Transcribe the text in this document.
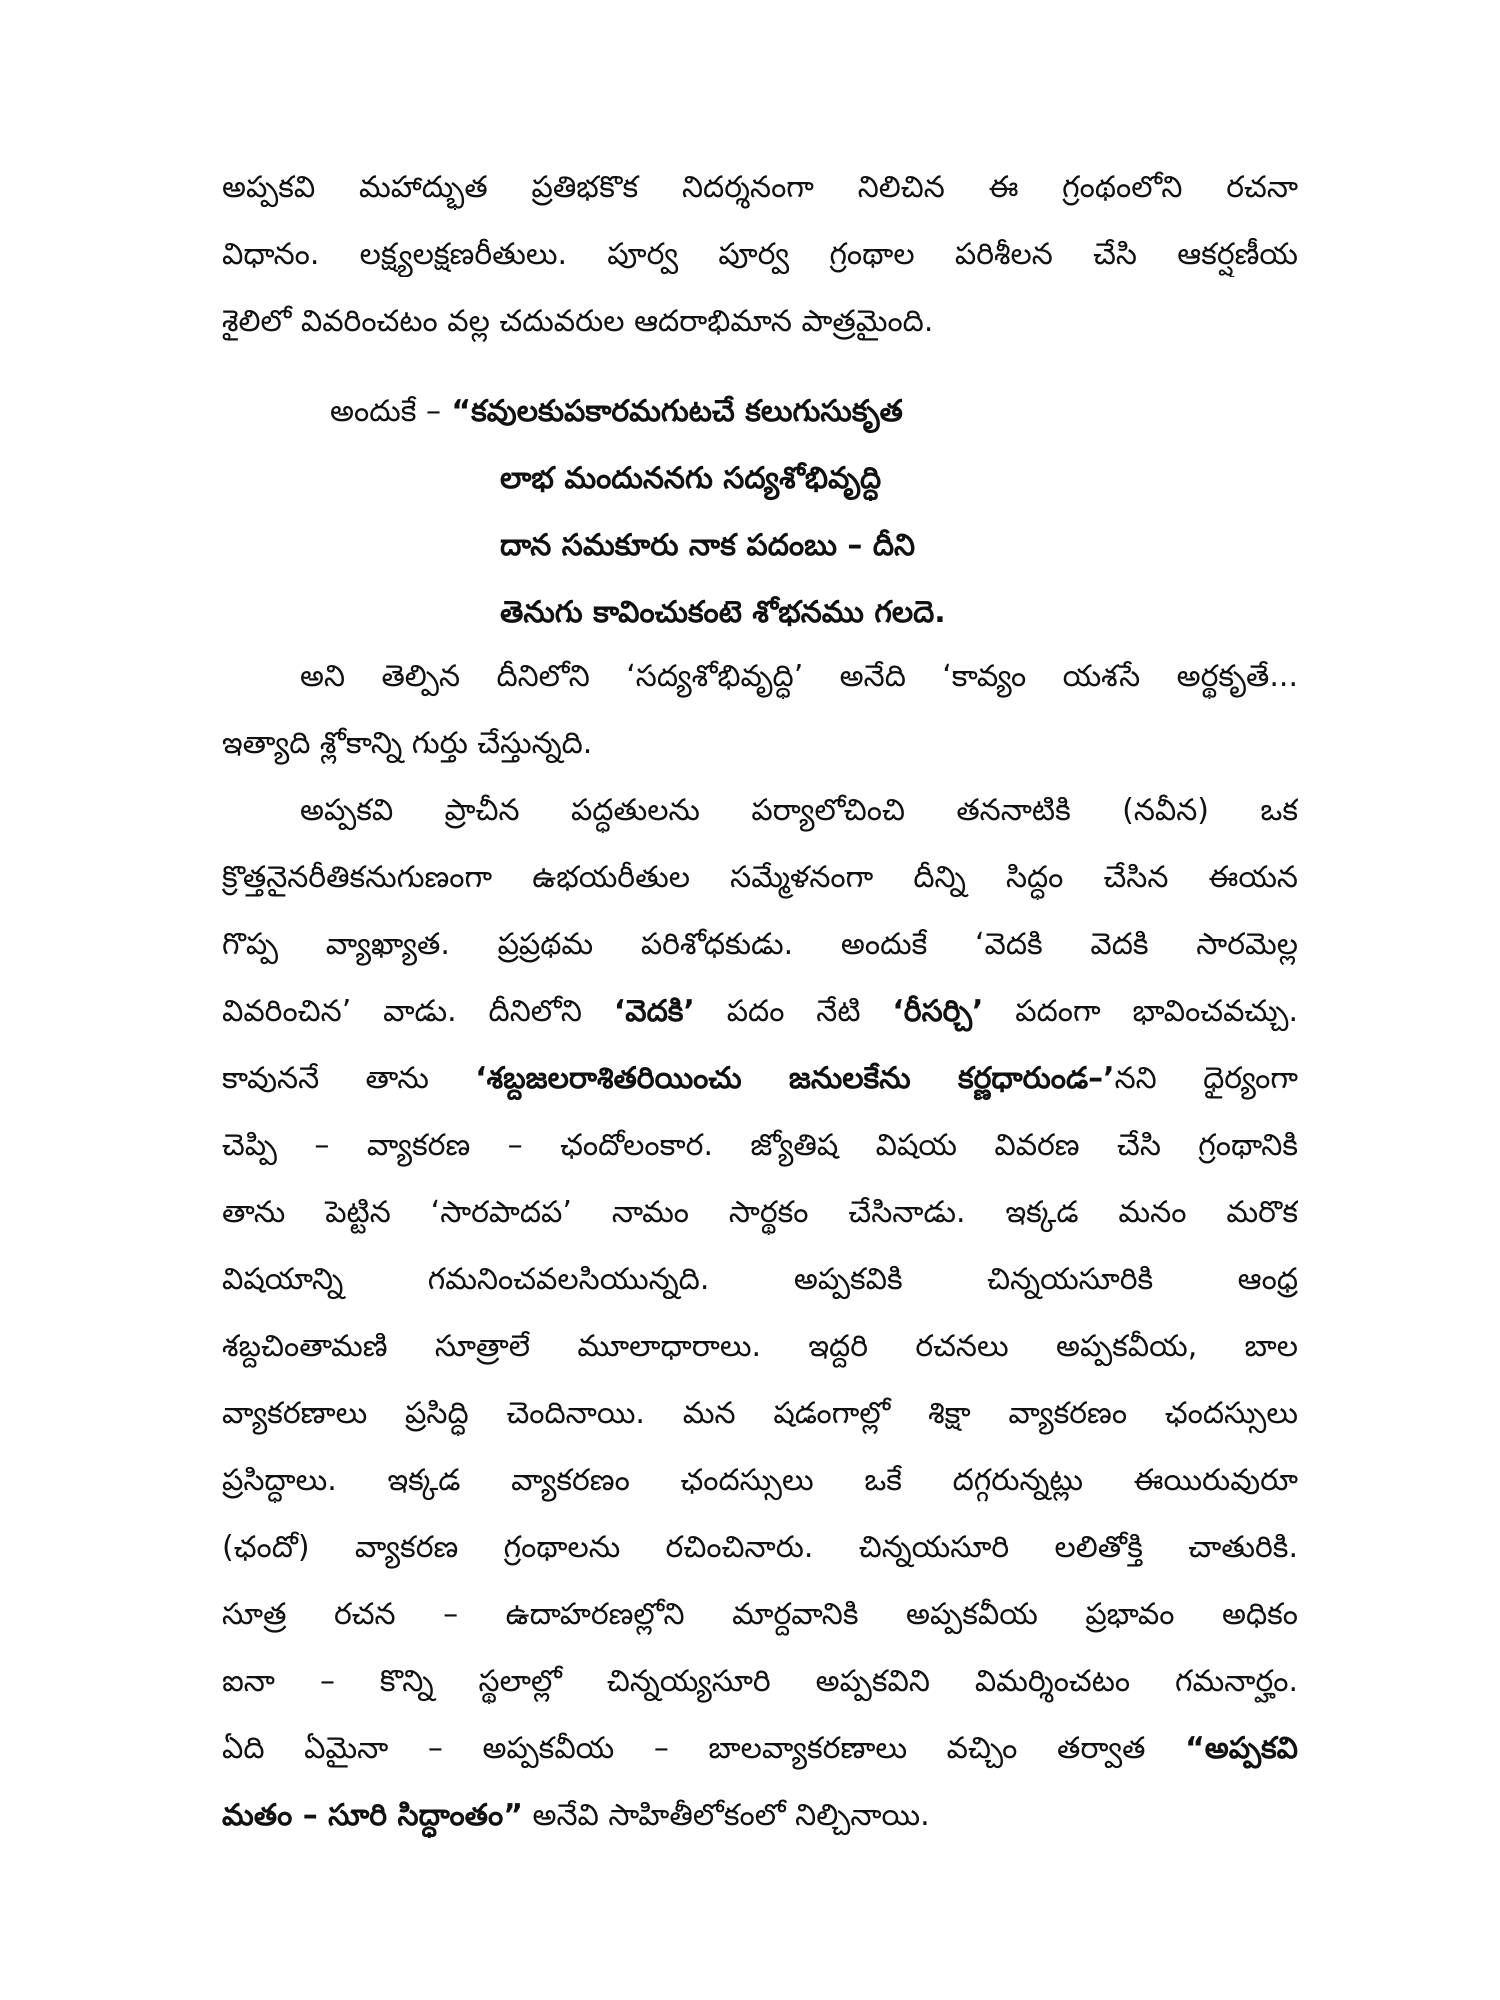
అప్పకవి మహాద్భుత ప్రతిభకొక నిదర్శనంగా నిలిచిన ఈ గ్రంథంలోని రచనా
విధానం. లక్ష్యలక్షణరీతులు. పూర్వ పూర్వ గ్రంథాల పరిశీలన చేసి ఆకర్షణీయ
శైలిలో వివరించటం వల్ల చదువరుల ఆదరాభిమాన పాత్రమైంది.
అందుకే – “కవులకుపకారమగుటచే కలుగుసుకృత
లాభ మందుననగు సద్యశోభివృద్ధి
దాన సమకూరు నాక పదంబు – దీని
తెనుగు కావించుకంటె శోభనము గలదె.
అని తెల్పిన దీనిలోని ‘సద్యశోభివృద్ధి’ అనేది ‘కావ్యం యశసే అర్థకృతే...
ఇత్యాది శ్లోకాన్ని గుర్తు చేస్తున్నది.
అప్పకవి ప్రాచీన పద్ధతులను పర్యాలోచించి తననాటికి (నవీన) ఒక
క్రొత్తనైనరీతికనుగుణంగా ఉభయరీతుల సమ్మేళనంగా దీన్ని సిద్ధం చేసిన ఈయన
గొప్ప వ్యాఖ్యాత. ప్రప్రథమ పరిశోధకుడు. అందుకే ‘వెదకి వెదకి సారమెల్ల
వివరించిన’ వాడు. దీనిలోని ‘వెదకి’ పదం నేటి ‘రీసర్చి’ పదంగా భావించవచ్చు.
కావుననే తాను ‘శబ్దజలరాశితరియించు జనులకేను కర్ణధారుండ–’నని ధైర్యంగా
చెప్పి – వ్యాకరణ – ఛందోలంకార. జ్యోతిష విషయ వివరణ చేసి గ్రంథానికి
తాను పెట్టిన ‘సారపాదప’ నామం సార్థకం చేసినాడు. ఇక్కడ మనం మరొక
విషయాన్ని గమనించవలసియున్నది. అప్పకవికి చిన్నయసూరికి ఆంధ్ర
శబ్దచింతామణి సూత్రాలే మూలాధారాలు. ఇద్దరి రచనలు అప్పకవీయ, బాల
వ్యాకరణాలు ప్రసిద్ధి చెందినాయి. మన షడంగాల్లో శిక్షా వ్యాకరణం ఛందస్సులు
ప్రసిద్ధాలు. ఇక్కడ వ్యాకరణం ఛందస్సులు ఒకే దగ్గరున్నట్లు ఈయిరువురూ
(ఛందో) వ్యాకరణ గ్రంథాలను రచించినారు. చిన్నయసూరి లలితోక్తి చాతురికి.
సూత్ర రచన – ఉదాహరణల్లోని మార్దవానికి అప్పకవీయ ప్రభావం అధికం
ఐనా – కొన్ని స్థలాల్లో చిన్నయ్యసూరి అప్పకవిని విమర్శించటం గమనార్హం.
ఏది ఏమైనా – అప్పకవీయ – బాలవ్యాకరణాలు వచ్చిం తర్వాత “అప్పకవి
మతం – సూరి సిద్ధాంతం” అనేవి సాహితీలోకంలో నిల్చినాయి.
